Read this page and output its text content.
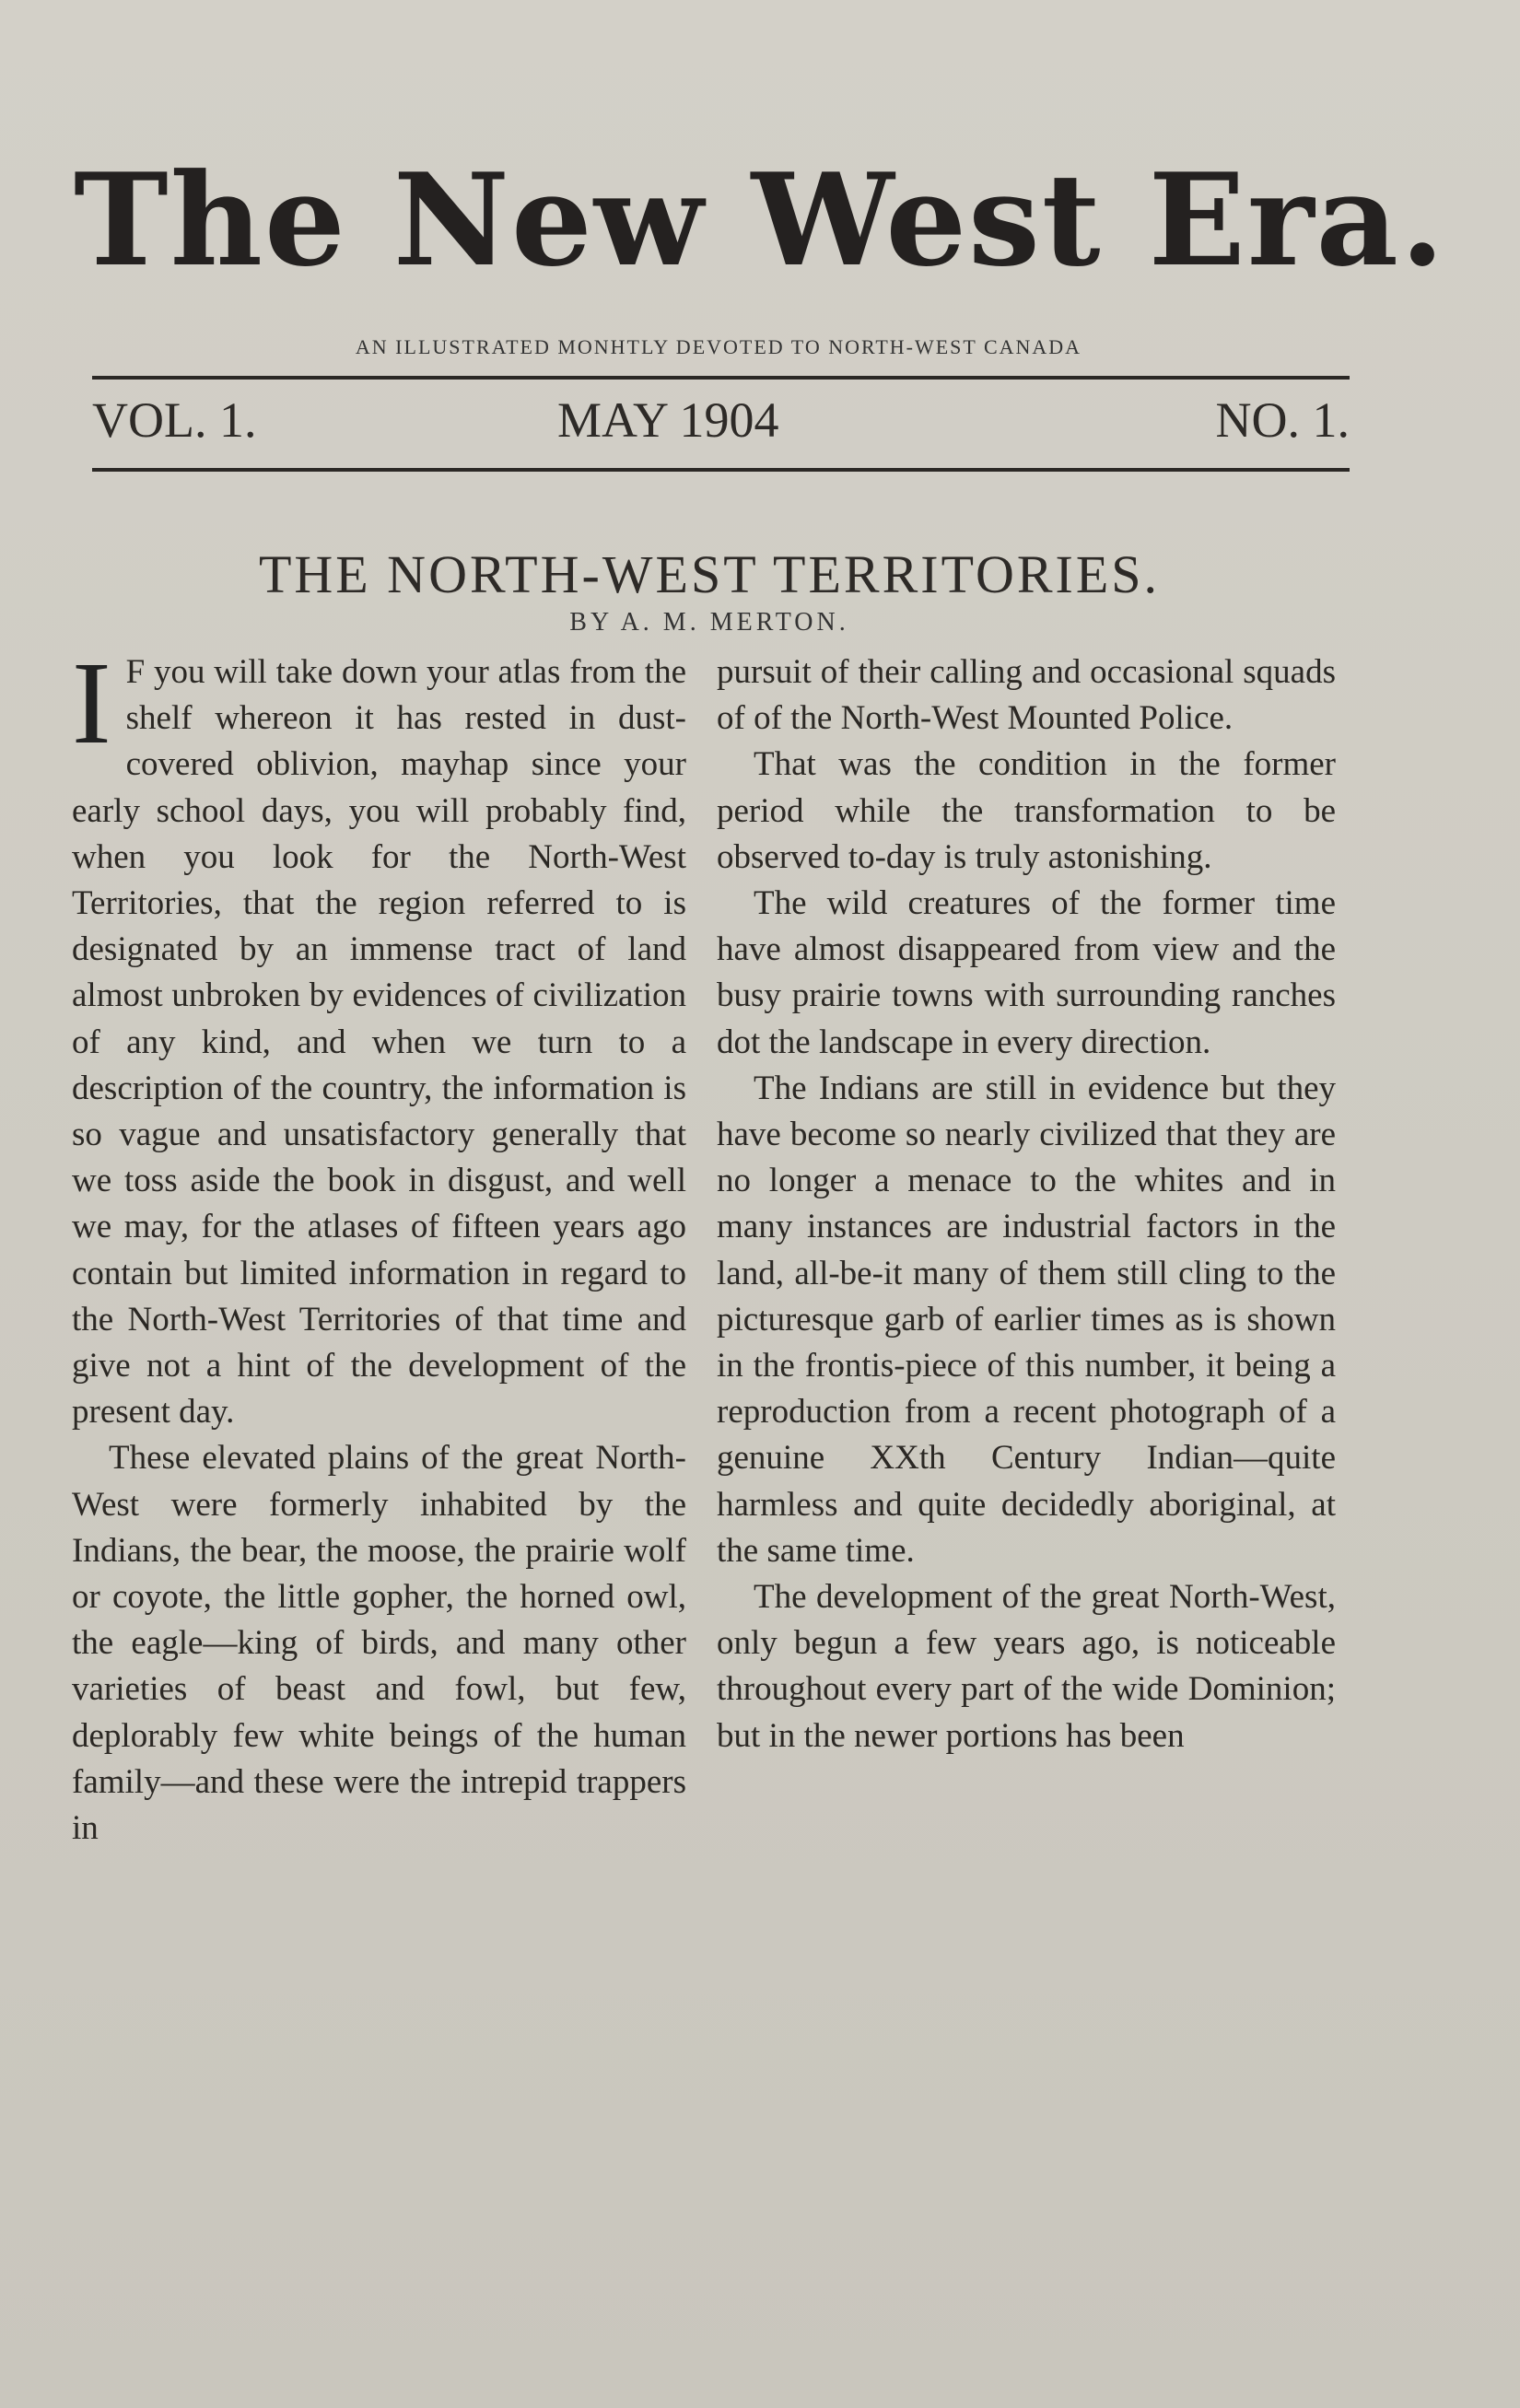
The New West Era.
AN ILLUSTRATED MONHTLY DEVOTED TO NORTH-WEST CANADA
VOL. 1.	MAY 1904	NO. 1.
THE NORTH-WEST TERRITORIES.
BY A. M. MERTON.

I F you will take down your atlas from the shelf whereon it has rested in dust-covered oblivion, mayhap since your early school days, you will probably find, when you look for the North-West Territories, that the region referred to is designated by an immense tract of land almost unbroken by evidences of civilization of any kind, and when we turn to a description of the country, the information is so vague and unsatisfactory generally that we toss aside the book in disgust, and well we may, for the atlases of fifteen years ago contain but limited information in regard to the North-West Territories of that time and give not a hint of the development of the present day.

These elevated plains of the great North-West were formerly inhabited by the Indians, the bear, the moose, the prairie wolf or coyote, the little gopher, the horned owl, the eagle—king of birds, and many other varieties of beast and fowl, but few, deplorably few white beings of the human family—and these were the intrepid trappers in

pursuit of their calling and occasional squads of of the North-West Mounted Police.

That was the condition in the former period while the transformation to be observed to-day is truly astonishing.

The wild creatures of the former time have almost disappeared from view and the busy prairie towns with surrounding ranches dot the landscape in every direction.

The Indians are still in evidence but they have become so nearly civilized that they are no longer a menace to the whites and in many instances are industrial factors in the land, all-be-it many of them still cling to the picturesque garb of earlier times as is shown in the frontis-piece of this number, it being a reproduction from a recent photograph of a genuine XXth Century Indian—quite harmless and quite decidedly aboriginal, at the same time.

The development of the great North-West, only begun a few years ago, is noticeable throughout every part of the wide Dominion; but in the newer portions has been
